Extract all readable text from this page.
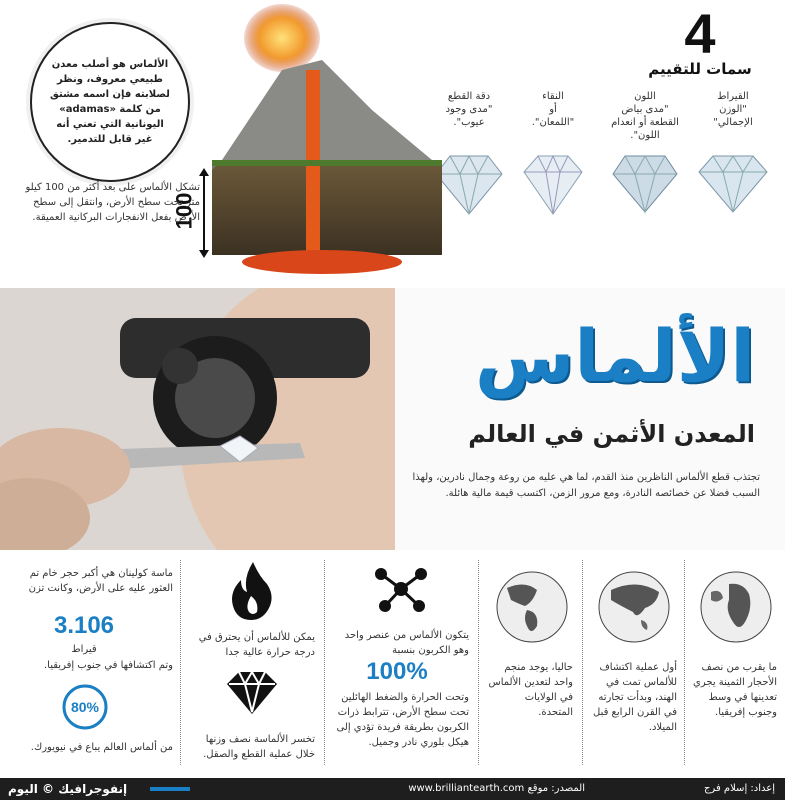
4
سمات للتقييم
القيراط
"الوزن
الإجمالي"
اللون
"مدى بياض
القطعة أو انعدام
اللون".
النقاء
أو
"اللمعان".
دقة القطع
"مدى وجود
عيوب".
الألماس هو أصلب معدن طبيعي معروف، ونظر لصلابته فإن اسمه مشتق من كلمة «adamas» اليونانية التي تعني أنه غير قابل للتدمير.
100
تشكل الألماس على بعد أكثر من 100 كيلو متر تحت سطح الأرض، وانتقل إلى سطح الأرض بفعل الانفجارات البركانية العميقة.
الألماس
المعدن الأثمن في العالم
تجتذب قطع الألماس الناظرين منذ القدم، لما هي عليه من روعة وجمال نادرين، ولهذا السبب فضلا عن خصائصه النادرة، ومع مرور الزمن، اكتسب قيمة مالية هائلة.
ما يقرب من نصف الأحجار الثمينة يجري تعدينها في وسط وجنوب إفريقيا.
أول عملية اكتشاف للألماس تمت في الهند، وبدأت تجارته في القرن الرابع قبل الميلاد.
حاليا، يوجد منجم واحد لتعدين الألماس في الولايات المتحدة.
يتكون الألماس من عنصر واحد وهو الكربون بنسبة
100%
وتحت الحرارة والضغط الهائلين تحت سطح الأرض، تترابط ذرات الكربون بطريقة فريدة تؤدي إلى هيكل بلوري نادر وجميل.
يمكن للألماس أن يحترق في درجة حرارة عالية جدا
تخسر الألماسة نصف وزنها خلال عملية القطع والصقل.
ماسة كولينان هي أكبر حجر خام تم العثور عليه على الأرض، وكانت تزن
3.106
قيراط
وتم اكتشافها في جنوب إفريقيا.
80%
من ألماس العالم يباع في نيويورك.
إعداد: إسلام فرج
المصدر: موقع www.brilliantearth.com
إنفوجرافيك © اليوم
